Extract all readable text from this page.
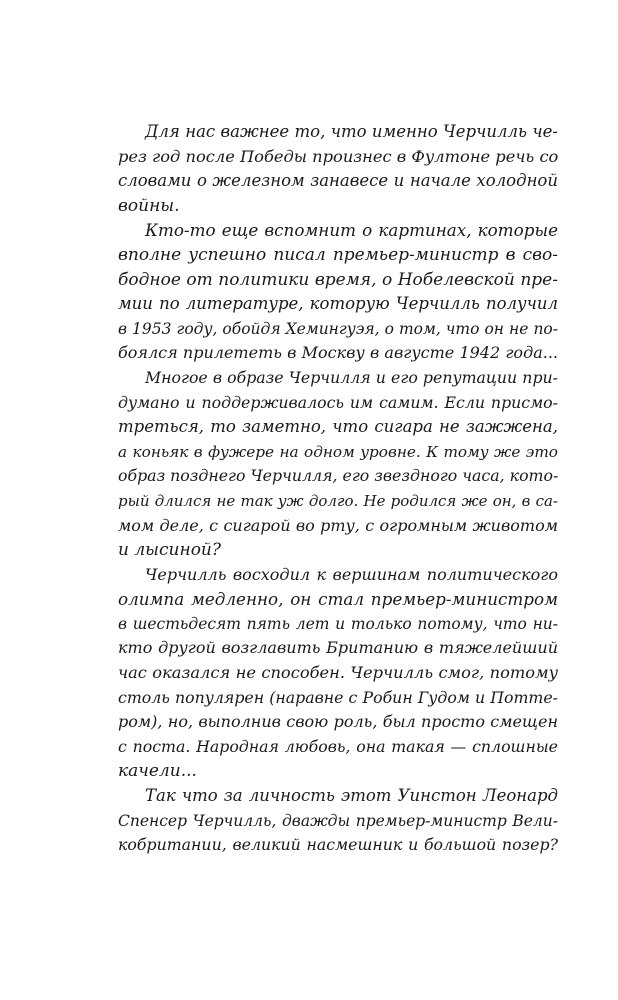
Для нас важнее то, что именно Черчилль че-
рез год после Победы произнес в Фултоне речь со
словами о железном занавесе и начале холодной
войны.
Кто-то еще вспомнит о картинах, которые
вполне успешно писал премьер-министр в сво-
бодное от политики время, о Нобелевской пре-
мии по литературе, которую Черчилль получил
в 1953 году, обойдя Хемингуэя, о том, что он не по-
боялся прилететь в Москву в августе 1942 года...
Многое в образе Черчилля и его репутации при-
думано и поддерживалось им самим. Если присмо-
треться, то заметно, что сигара не зажжена,
а коньяк в фужере на одном уровне. К тому же это
образ позднего Черчилля, его звездного часа, кото-
рый длился не так уж долго. Не родился же он, в са-
мом деле, с сигарой во рту, с огромным животом
и лысиной?
Черчилль восходил к вершинам политического
олимпа медленно, он стал премьер-министром
в шестьдесят пять лет и только потому, что ни-
кто другой возглавить Британию в тяжелейший
час оказался не способен. Черчилль смог, потому
столь популярен (наравне с Робин Гудом и Потте-
ром), но, выполнив свою роль, был просто смещен
с поста. Народная любовь, она такая — сплошные
качели...
Так что за личность этот Уинстон Леонард
Спенсер Черчилль, дважды премьер-министр Вели-
кобритании, великий насмешник и большой позер?
